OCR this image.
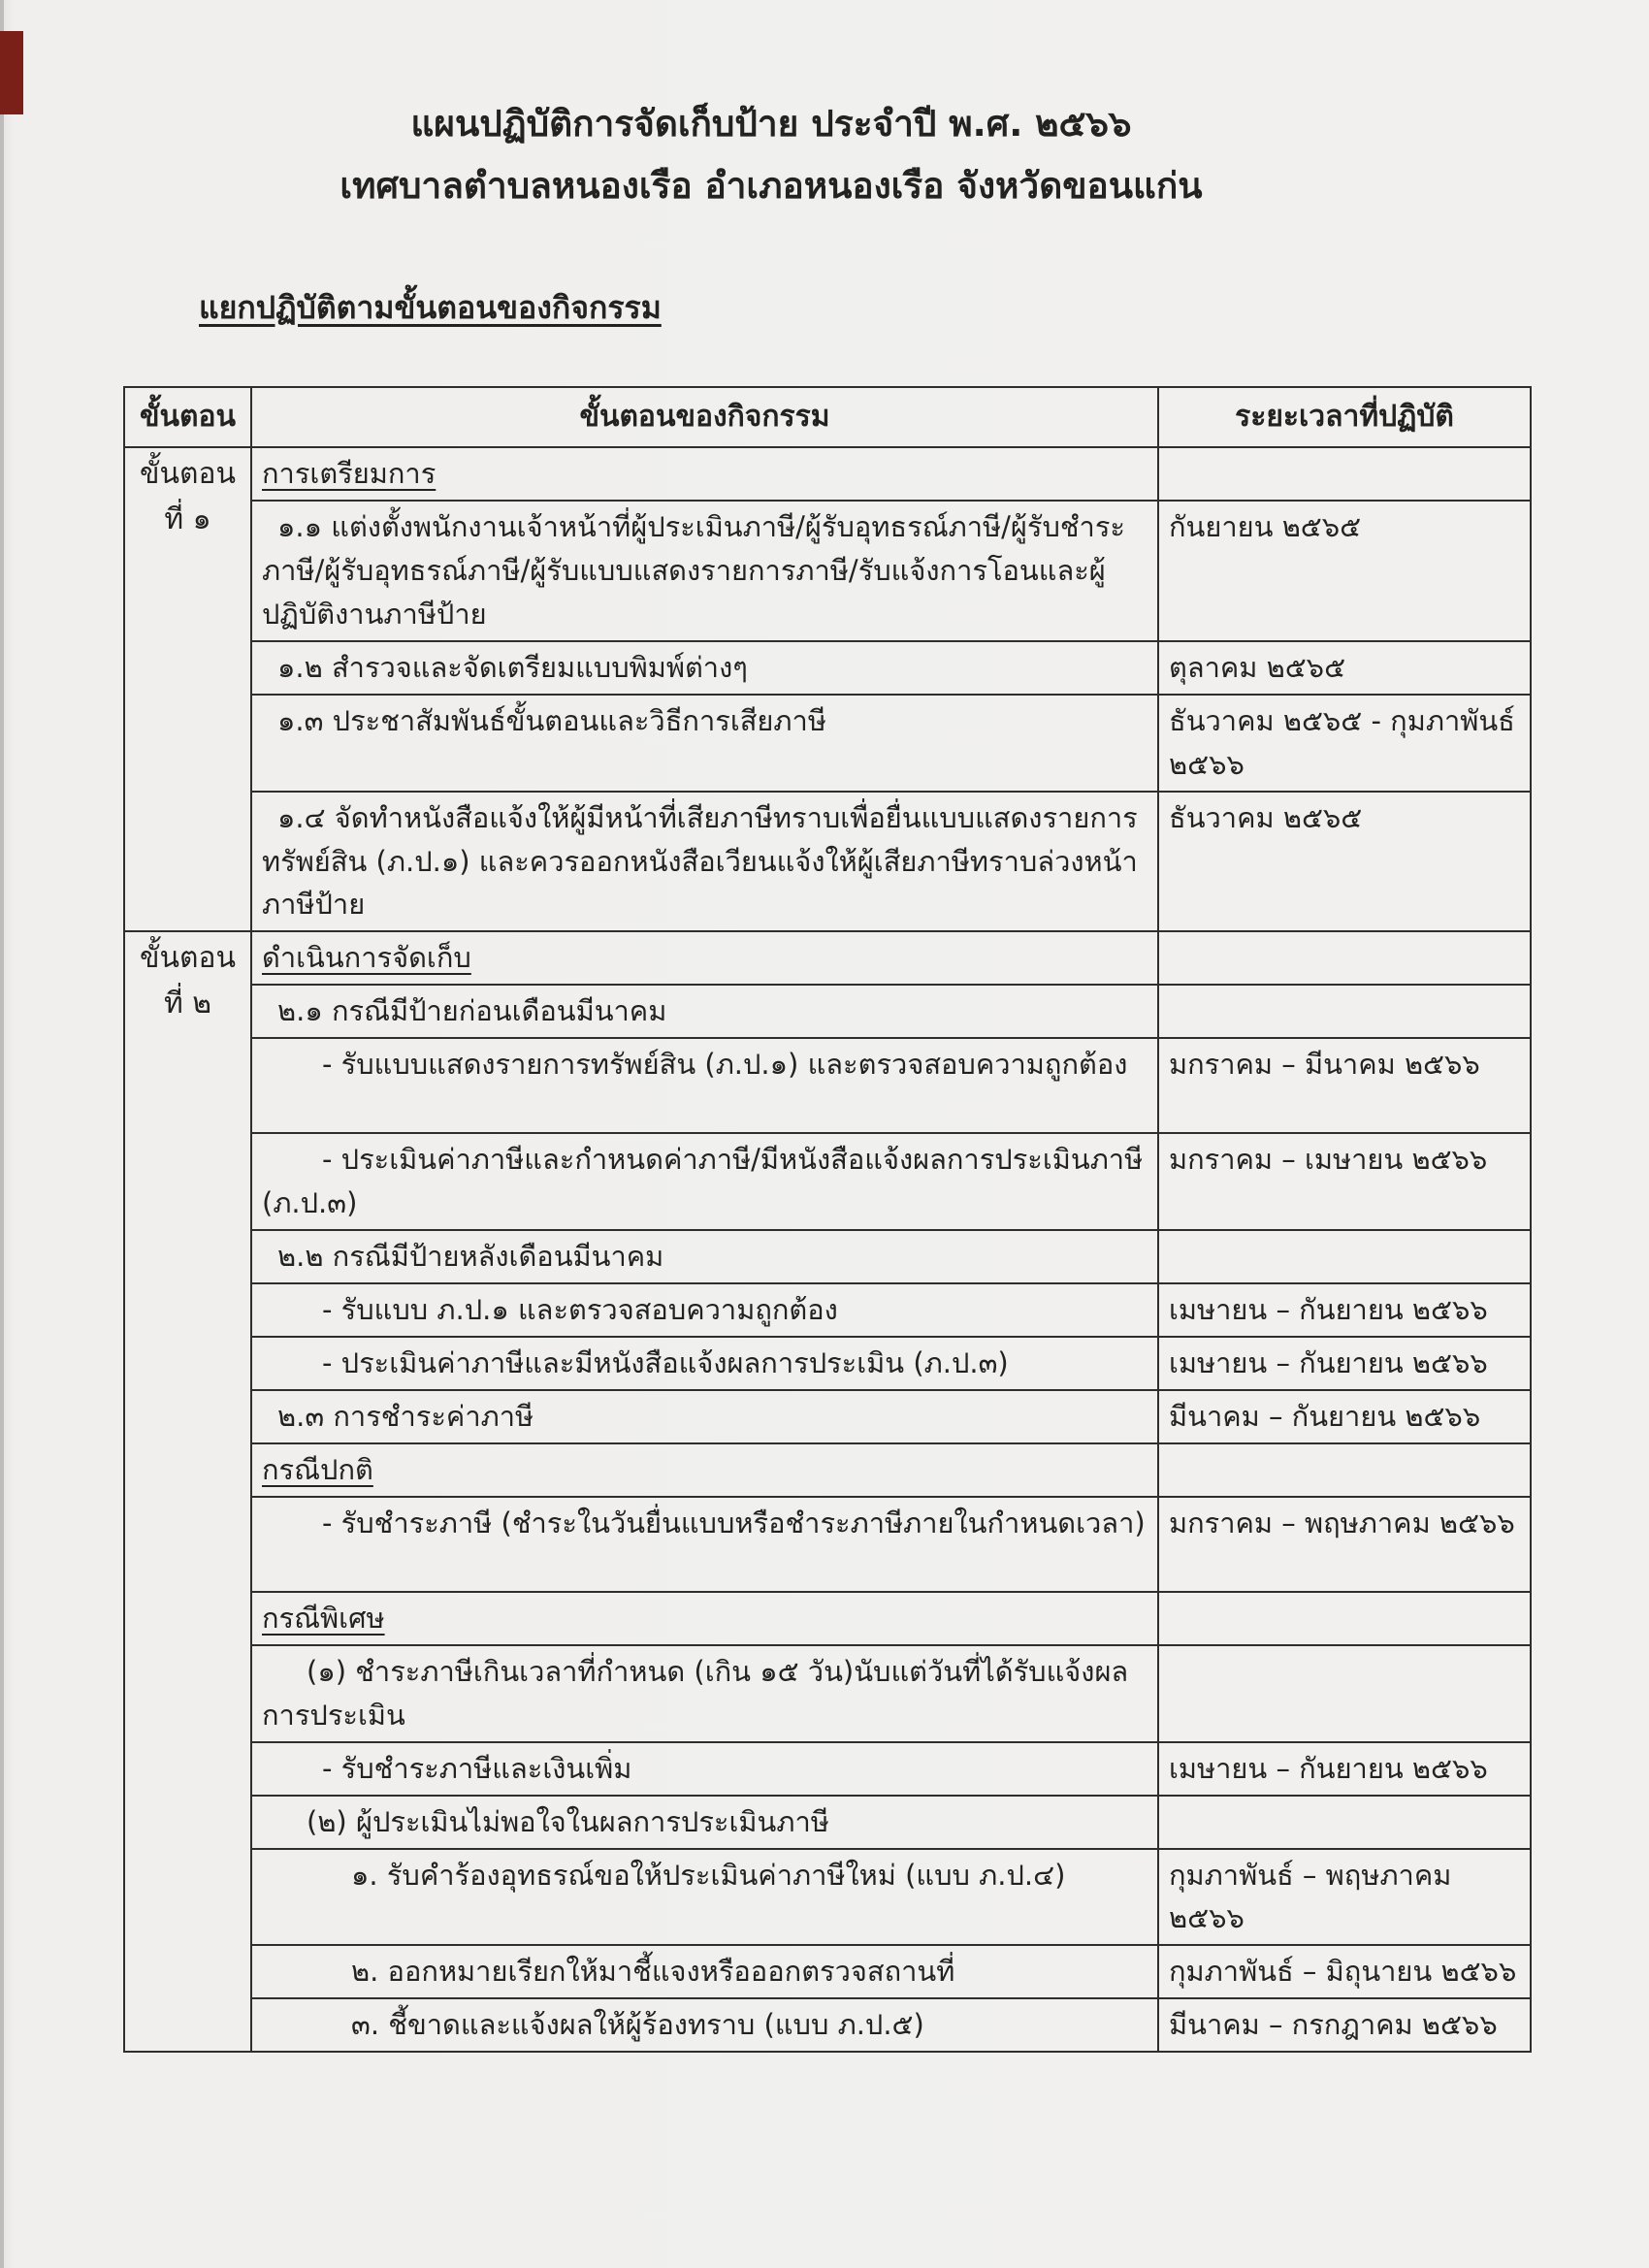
แผนปฏิบัติการจัดเก็บป้าย ประจำปี พ.ศ. ๒๕๖๖
เทศบาลตำบลหนองเรือ อำเภอหนองเรือ จังหวัดขอนแก่น
แยกปฏิบัติตามขั้นตอนของกิจกรรม
ขั้นตอน	ขั้นตอนของกิจกรรม	ระยะเวลาที่ปฏิบัติ
ขั้นตอนที่ ๑	การเตรียมการ	
	๑.๑ แต่งตั้งพนักงานเจ้าหน้าที่ผู้ประเมินภาษี/ผู้รับอุทธรณ์ภาษี/ผู้รับชำระภาษี/ผู้รับอุทธรณ์ภาษี/ผู้รับแบบแสดงรายการภาษี/รับแจ้งการโอนและผู้ปฏิบัติงานภาษีป้าย	กันยายน ๒๕๖๕
	๑.๒ สำรวจและจัดเตรียมแบบพิมพ์ต่างๆ	ตุลาคม ๒๕๖๕
	๑.๓ ประชาสัมพันธ์ขั้นตอนและวิธีการเสียภาษี	ธันวาคม ๒๕๖๕ - กุมภาพันธ์ ๒๕๖๖
	๑.๔ จัดทำหนังสือแจ้งให้ผู้มีหน้าที่เสียภาษีทราบเพื่อยื่นแบบแสดงรายการทรัพย์สิน (ภ.ป.๑) และควรออกหนังสือเวียนแจ้งให้ผู้เสียภาษีทราบล่วงหน้าภาษีป้าย	ธันวาคม ๒๕๖๕
ขั้นตอนที่ ๒	ดำเนินการจัดเก็บ	
	๒.๑ กรณีมีป้ายก่อนเดือนมีนาคม	
	- รับแบบแสดงรายการทรัพย์สิน (ภ.ป.๑) และตรวจสอบความถูกต้อง	มกราคม – มีนาคม ๒๕๖๖
	- ประเมินค่าภาษีและกำหนดค่าภาษี/มีหนังสือแจ้งผลการประเมินภาษี (ภ.ป.๓)	มกราคม – เมษายน ๒๕๖๖
	๒.๒ กรณีมีป้ายหลังเดือนมีนาคม	
	- รับแบบ ภ.ป.๑ และตรวจสอบความถูกต้อง	เมษายน – กันยายน ๒๕๖๖
	- ประเมินค่าภาษีและมีหนังสือแจ้งผลการประเมิน (ภ.ป.๓)	เมษายน – กันยายน ๒๕๖๖
	๒.๓ การชำระค่าภาษี	มีนาคม – กันยายน ๒๕๖๖
	กรณีปกติ	
	- รับชำระภาษี (ชำระในวันยื่นแบบหรือชำระภาษีภายในกำหนดเวลา)	มกราคม – พฤษภาคม ๒๕๖๖
	กรณีพิเศษ	
	(๑) ชำระภาษีเกินเวลาที่กำหนด (เกิน ๑๕ วัน)นับแต่วันที่ได้รับแจ้งผลการประเมิน	
	- รับชำระภาษีและเงินเพิ่ม	เมษายน – กันยายน ๒๕๖๖
	(๒) ผู้ประเมินไม่พอใจในผลการประเมินภาษี	
	๑. รับคำร้องอุทธรณ์ขอให้ประเมินค่าภาษีใหม่ (แบบ ภ.ป.๔)	กุมภาพันธ์ – พฤษภาคม ๒๕๖๖
	๒. ออกหมายเรียกให้มาชี้แจงหรือออกตรวจสถานที่	กุมภาพันธ์ – มิถุนายน ๒๕๖๖
	๓. ชี้ขาดและแจ้งผลให้ผู้ร้องทราบ (แบบ ภ.ป.๕)	มีนาคม – กรกฎาคม ๒๕๖๖
